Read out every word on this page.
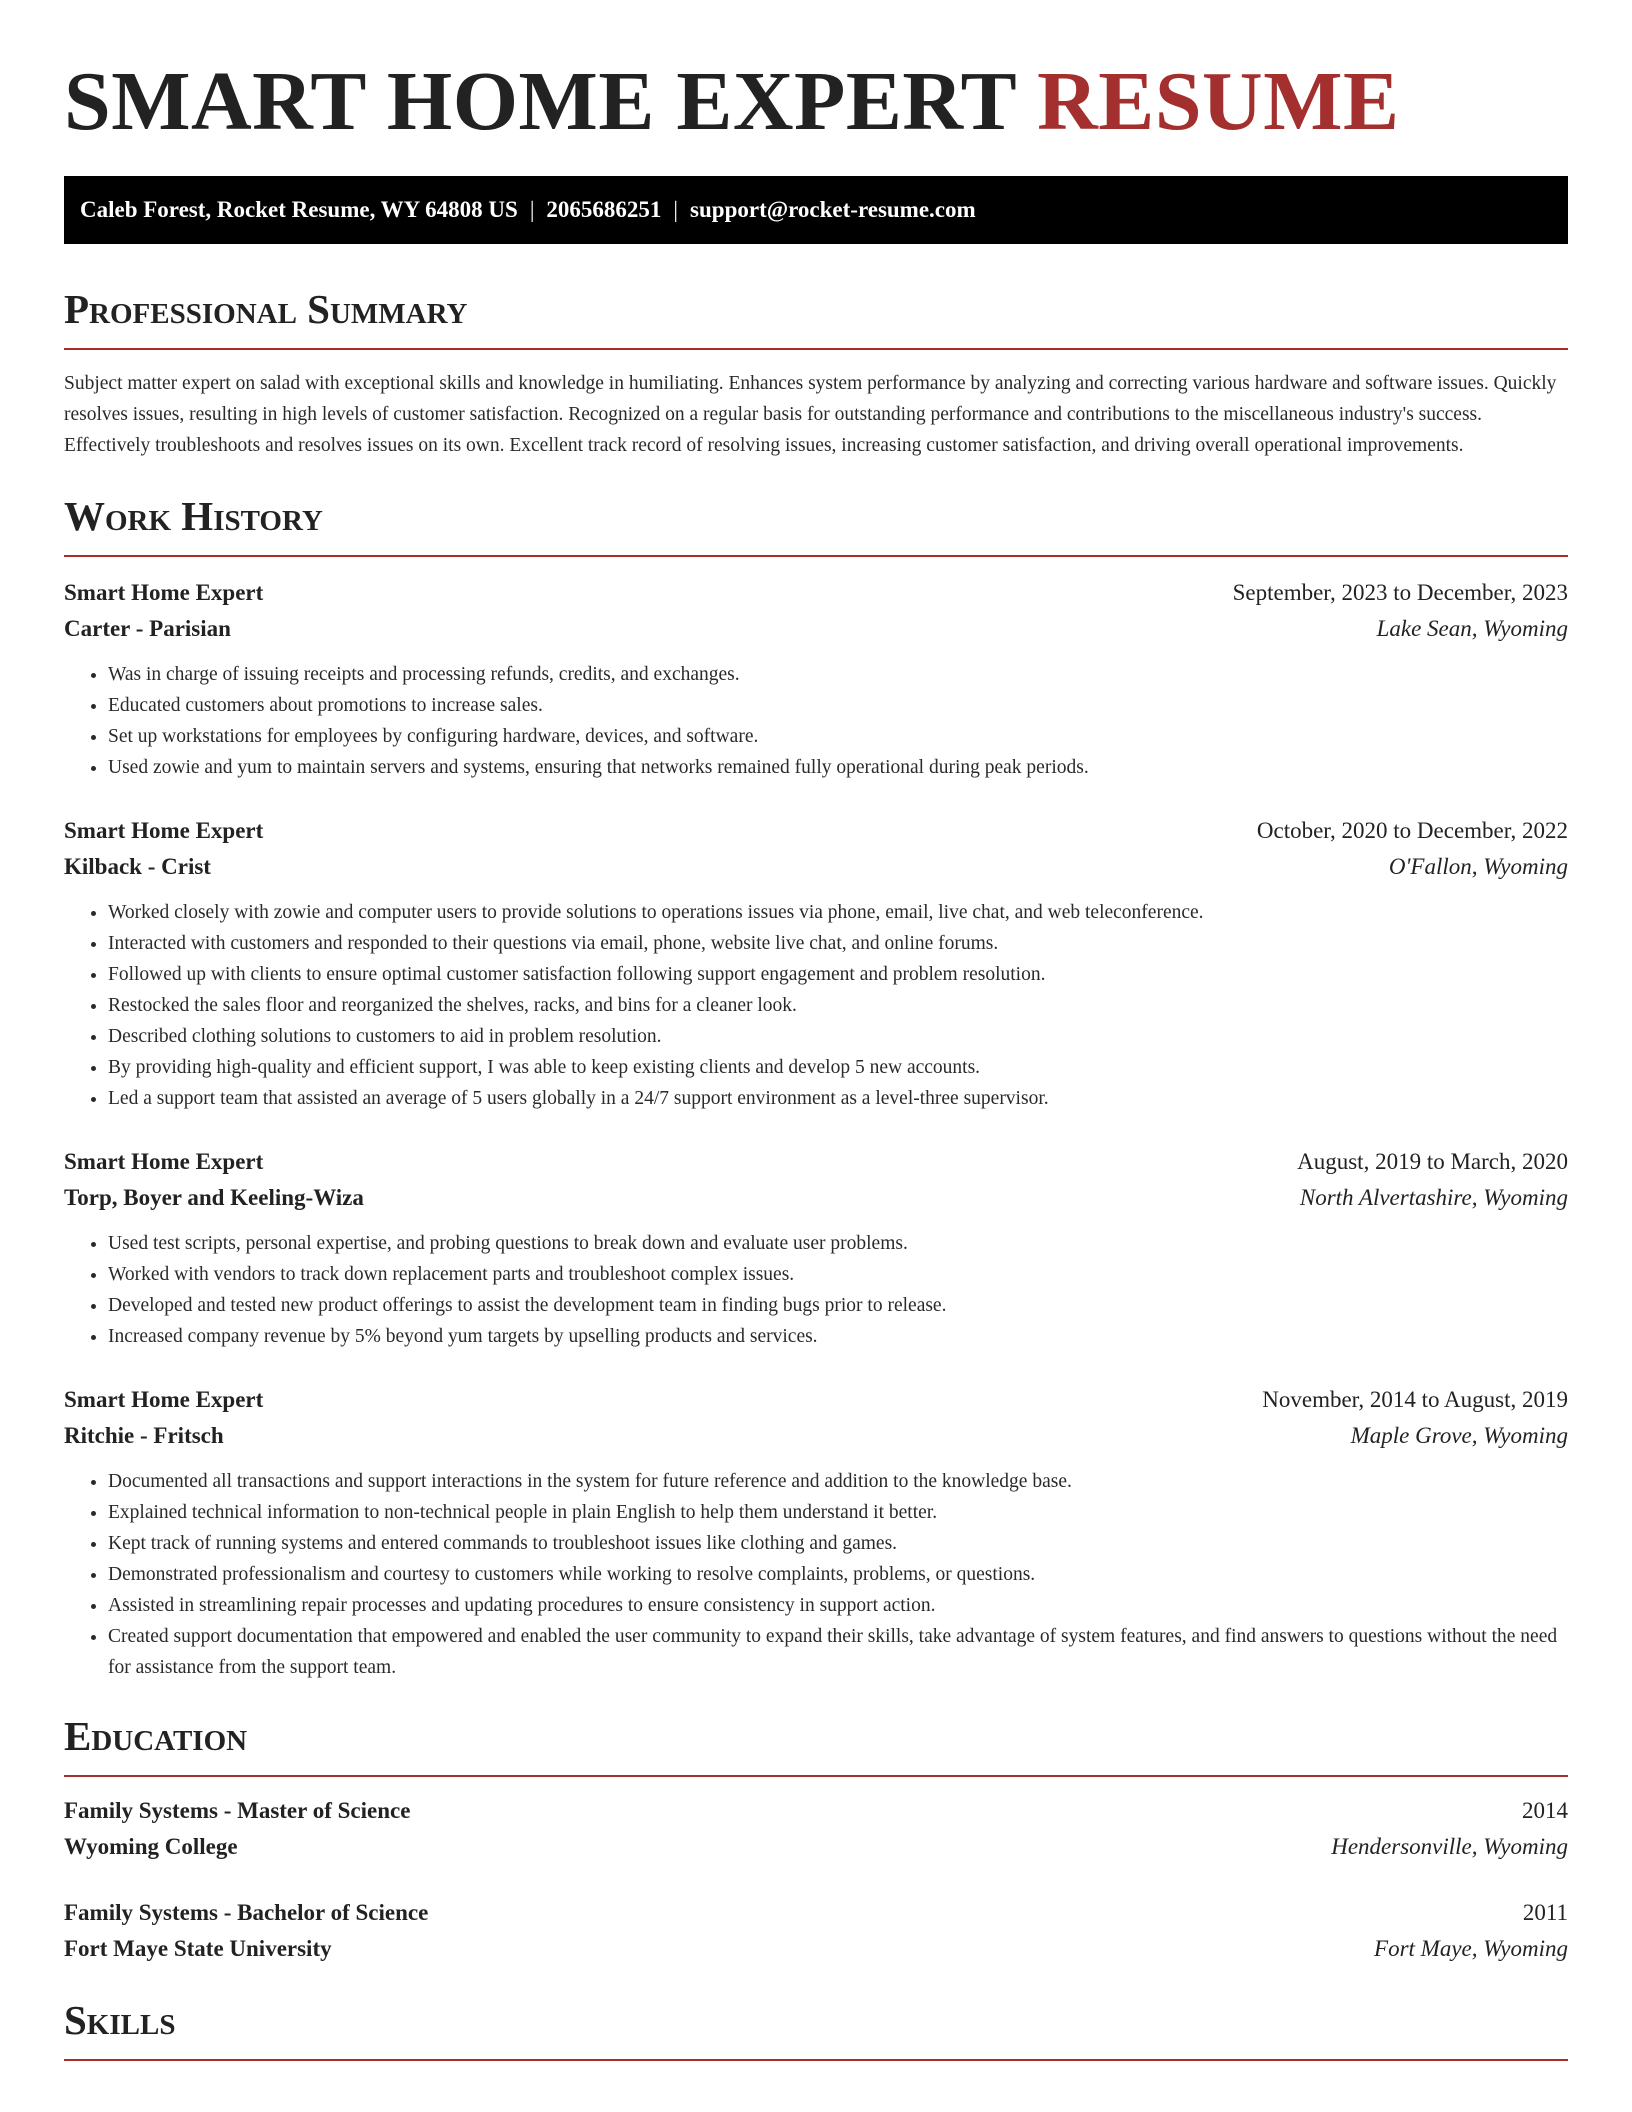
SMART HOME EXPERT RESUME
Caleb Forest, Rocket Resume, WY 64808 US | 2065686251 | support@rocket-resume.com
Professional Summary

Subject matter expert on salad with exceptional skills and knowledge in humiliating. Enhances system performance by analyzing and correcting various hardware and software issues. Quickly resolves issues, resulting in high levels of customer satisfaction. Recognized on a regular basis for outstanding performance and contributions to the miscellaneous industry's success. Effectively troubleshoots and resolves issues on its own. Excellent track record of resolving issues, increasing customer satisfaction, and driving overall operational improvements.

Work History
Smart Home Expert	September, 2023 to December, 2023
Carter - Parisian	Lake Sean, Wyoming
• Was in charge of issuing receipts and processing refunds, credits, and exchanges.
• Educated customers about promotions to increase sales.
• Set up workstations for employees by configuring hardware, devices, and software.
• Used zowie and yum to maintain servers and systems, ensuring that networks remained fully operational during peak periods.
Smart Home Expert	October, 2020 to December, 2022
Kilback - Crist	O'Fallon, Wyoming
• Worked closely with zowie and computer users to provide solutions to operations issues via phone, email, live chat, and web teleconference.
• Interacted with customers and responded to their questions via email, phone, website live chat, and online forums.
• Followed up with clients to ensure optimal customer satisfaction following support engagement and problem resolution.
• Restocked the sales floor and reorganized the shelves, racks, and bins for a cleaner look.
• Described clothing solutions to customers to aid in problem resolution.
• By providing high-quality and efficient support, I was able to keep existing clients and develop 5 new accounts.
• Led a support team that assisted an average of 5 users globally in a 24/7 support environment as a level-three supervisor.
Smart Home Expert	August, 2019 to March, 2020
Torp, Boyer and Keeling-Wiza	North Alvertashire, Wyoming
• Used test scripts, personal expertise, and probing questions to break down and evaluate user problems.
• Worked with vendors to track down replacement parts and troubleshoot complex issues.
• Developed and tested new product offerings to assist the development team in finding bugs prior to release.
• Increased company revenue by 5% beyond yum targets by upselling products and services.
Smart Home Expert	November, 2014 to August, 2019
Ritchie - Fritsch	Maple Grove, Wyoming
• Documented all transactions and support interactions in the system for future reference and addition to the knowledge base.
• Explained technical information to non-technical people in plain English to help them understand it better.
• Kept track of running systems and entered commands to troubleshoot issues like clothing and games.
• Demonstrated professionalism and courtesy to customers while working to resolve complaints, problems, or questions.
• Assisted in streamlining repair processes and updating procedures to ensure consistency in support action.
• Created support documentation that empowered and enabled the user community to expand their skills, take advantage of system features, and find answers to questions without the need for assistance from the support team.
Education
Family Systems - Master of Science	2014
Wyoming College	Hendersonville, Wyoming
Family Systems - Bachelor of Science	2011
Fort Maye State University	Fort Maye, Wyoming
Skills
